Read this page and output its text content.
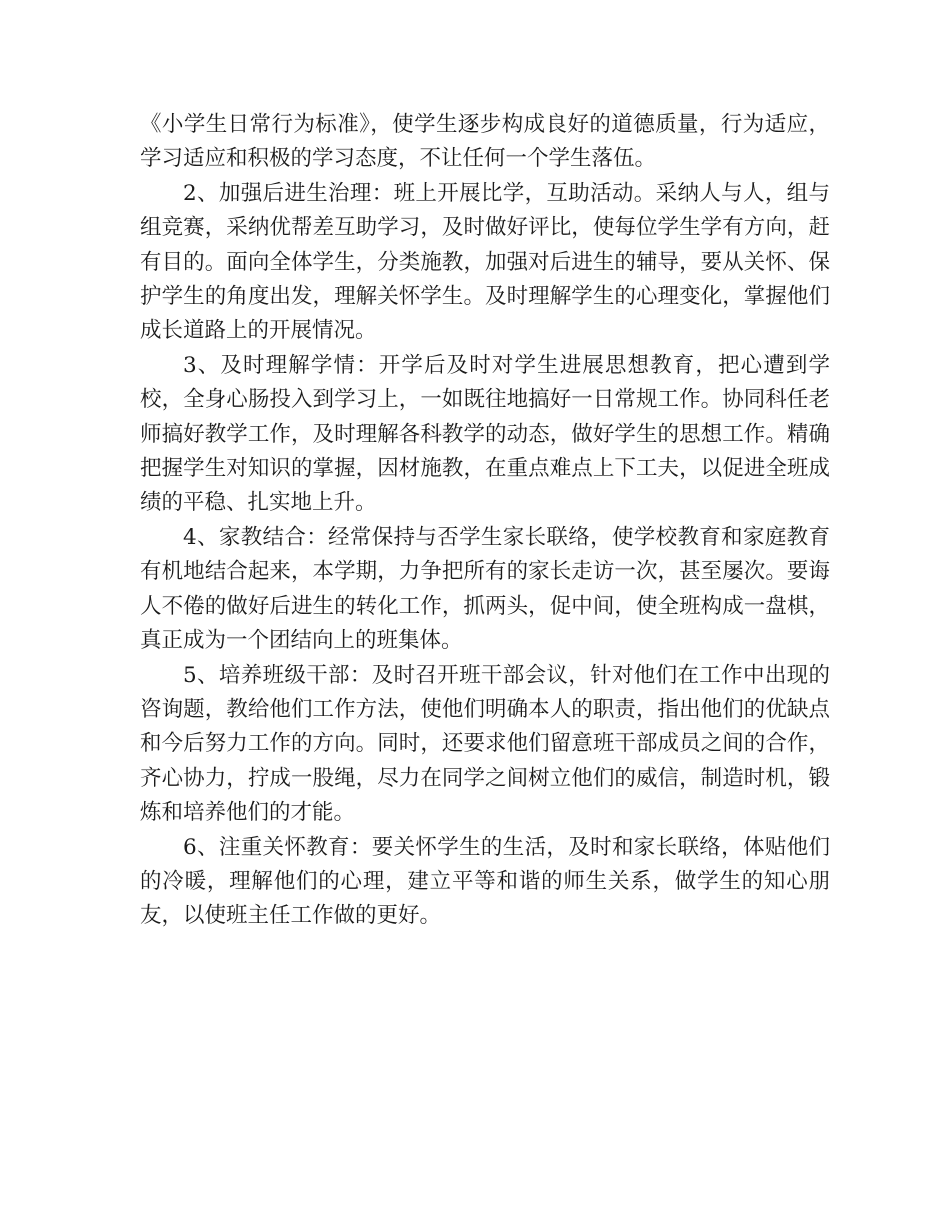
《小学生日常行为标准》，使学生逐步构成良好的道德质量，行为适应，学习适应和积极的学习态度，不让任何一个学生落伍。

2、加强后进生治理：班上开展比学，互助活动。采纳人与人，组与组竞赛，采纳优帮差互助学习，及时做好评比，使每位学生学有方向，赶有目的。面向全体学生，分类施教，加强对后进生的辅导，要从关怀、保护学生的角度出发，理解关怀学生。及时理解学生的心理变化，掌握他们成长道路上的开展情况。

3、及时理解学情：开学后及时对学生进展思想教育，把心遭到学校，全身心肠投入到学习上，一如既往地搞好一日常规工作。协同科任老师搞好教学工作，及时理解各科教学的动态，做好学生的思想工作。精确把握学生对知识的掌握，因材施教，在重点难点上下工夫，以促进全班成绩的平稳、扎实地上升。

4、家教结合：经常保持与否学生家长联络，使学校教育和家庭教育有机地结合起来，本学期，力争把所有的家长走访一次，甚至屡次。要诲人不倦的做好后进生的转化工作，抓两头，促中间，使全班构成一盘棋，真正成为一个团结向上的班集体。

5、培养班级干部：及时召开班干部会议，针对他们在工作中出现的咨询题，教给他们工作方法，使他们明确本人的职责，指出他们的优缺点和今后努力工作的方向。同时，还要求他们留意班干部成员之间的合作，齐心协力，拧成一股绳，尽力在同学之间树立他们的威信，制造时机，锻炼和培养他们的才能。

6、注重关怀教育：要关怀学生的生活，及时和家长联络，体贴他们的冷暖，理解他们的心理，建立平等和谐的师生关系，做学生的知心朋友，以使班主任工作做的更好。
